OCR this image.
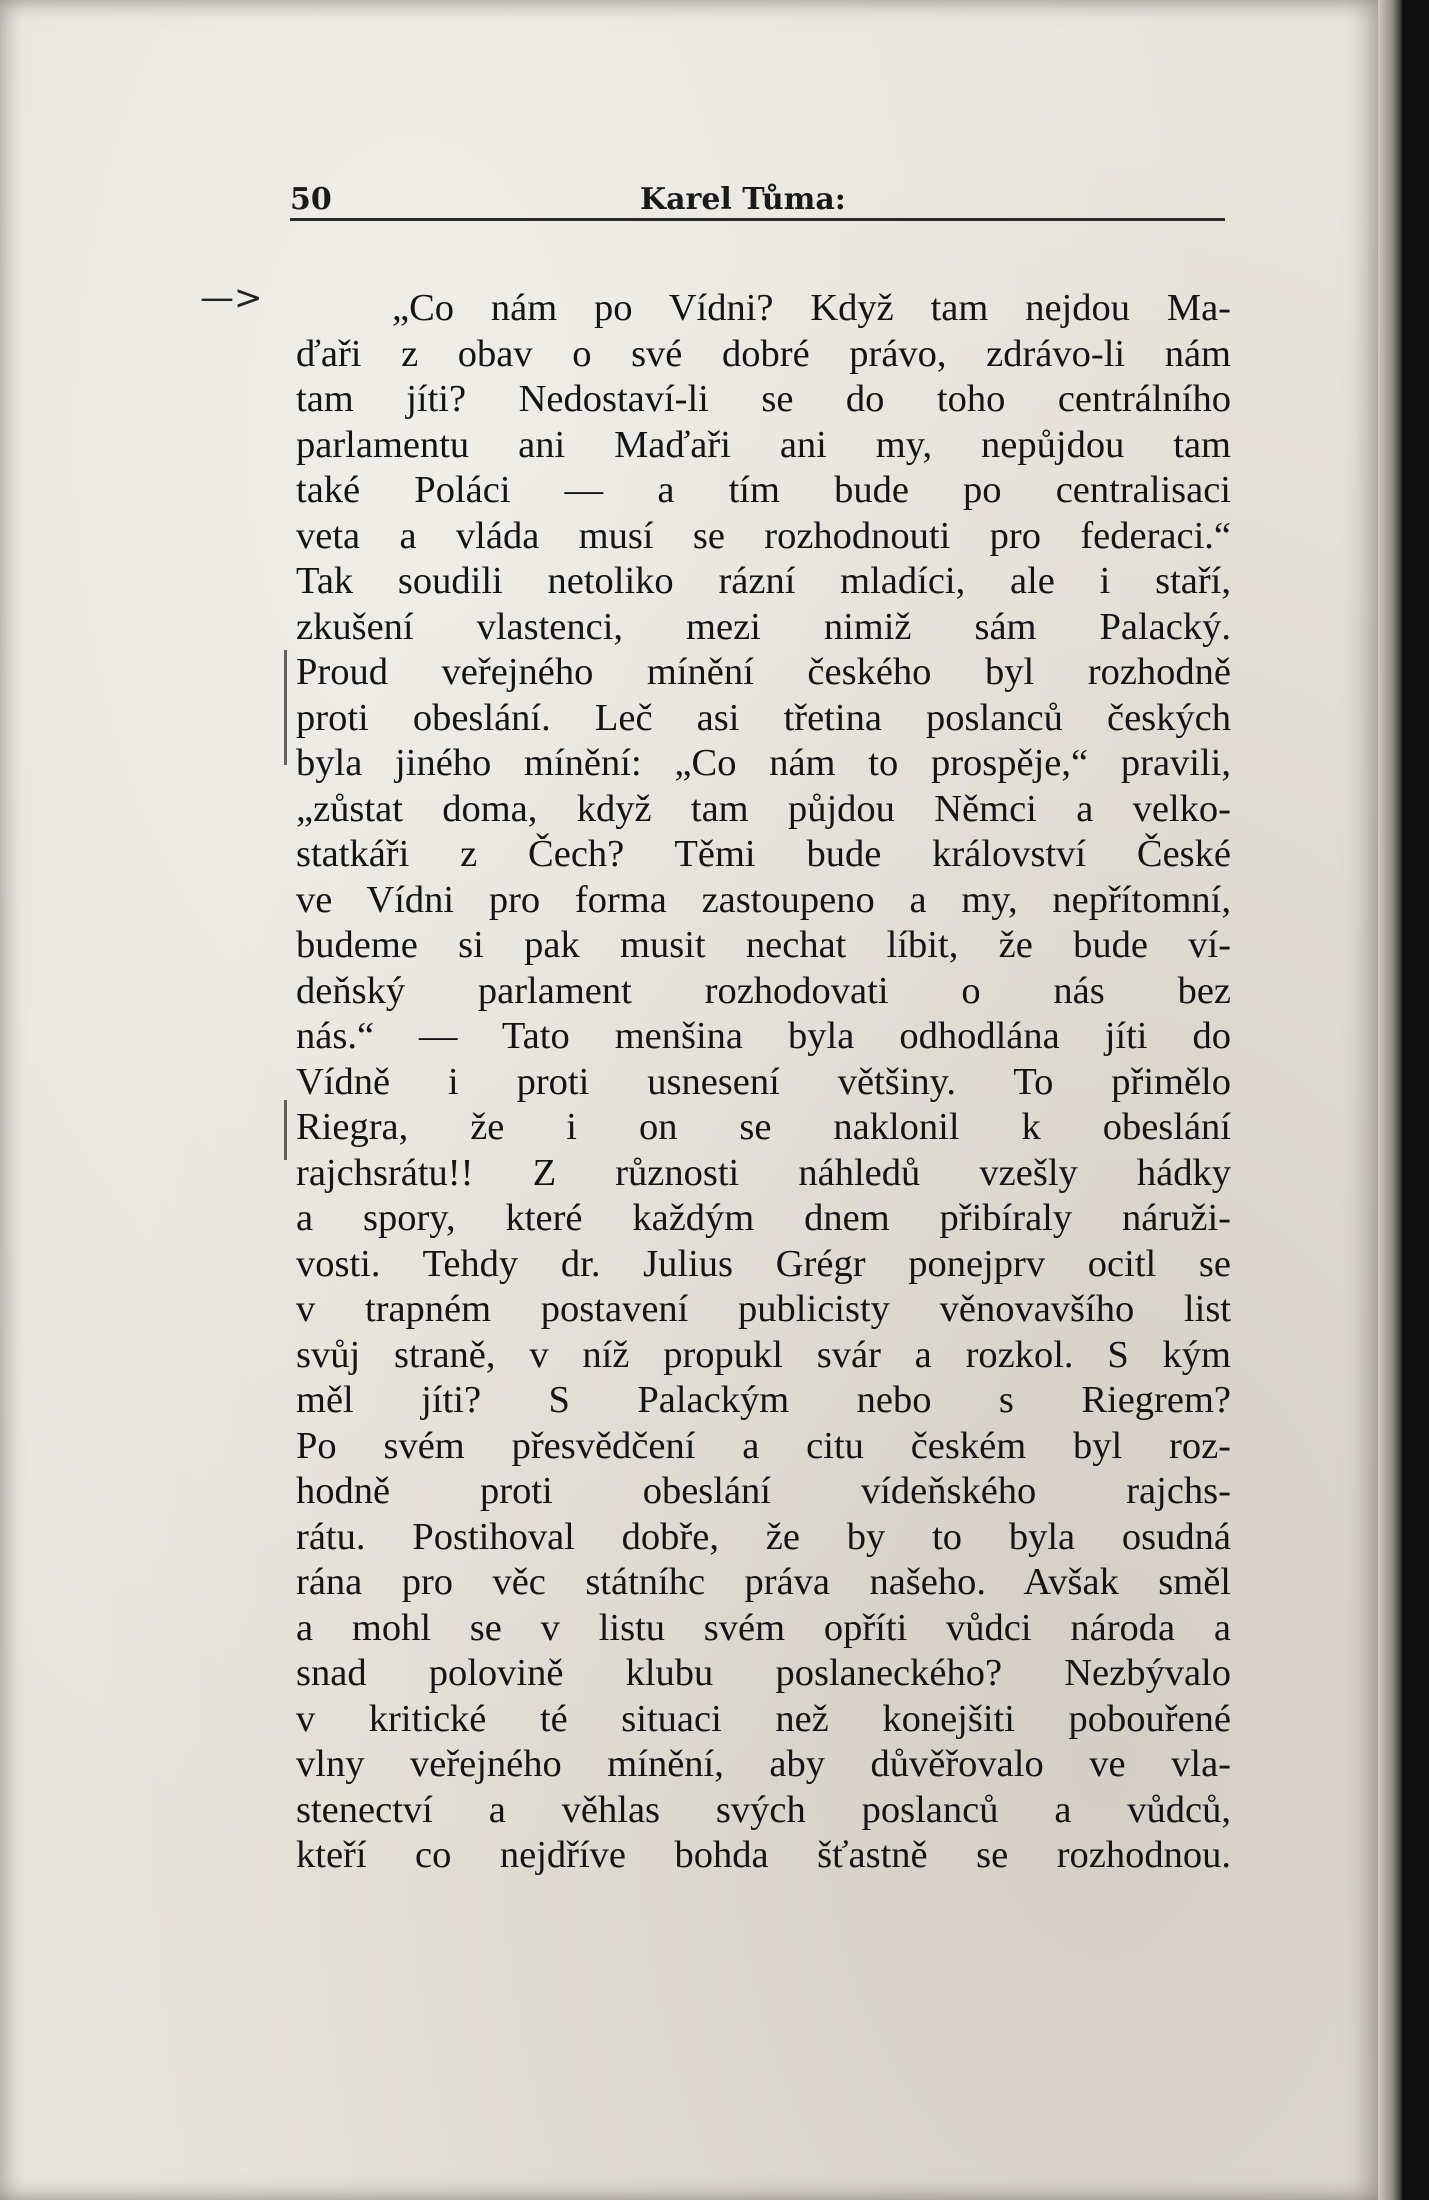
50	Karel Tůma:
—>	„Co nám po Vídni? Když tam nejdou Ma-
ďaři z obav o své dobré právo, zdrávo-li nám
tam jíti? Nedostaví-li se do toho centrálního
parlamentu ani Maďaři ani my, nepůjdou tam
také Poláci — a tím bude po centralisaci
veta a vláda musí se rozhodnouti pro federaci.“
Tak soudili netoliko rázní mladíci, ale i staří,
zkušení vlastenci, mezi nimiž sám Palacký.
Proud veřejného mínění českého byl rozhodně
proti obeslání. Leč asi třetina poslanců českých
byla jiného mínění: „Co nám to prospěje,“ pravili,
„zůstat doma, když tam půjdou Němci a velko-
statkáři z Čech? Těmi bude království České
ve Vídni pro forma zastoupeno a my, nepřítomní,
budeme si pak musit nechat líbit, že bude ví-
deňský parlament rozhodovati o nás bez
nás.“ — Tato menšina byla odhodlána jíti do
Vídně i proti usnesení většiny. To přimělo
Riegra, že i on se naklonil k obeslání
rajchsrátu!! Z různosti náhledů vzešly hádky
a spory, které každým dnem přibíraly náruži-
vosti. Tehdy dr. Julius Grégr ponejprv ocitl se
v trapném postavení publicisty věnovavšího list
svůj straně, v níž propukl svár a rozkol. S kým
měl jíti? S Palackým nebo s Riegrem?
Po svém přesvědčení a citu českém byl roz-
hodně proti obeslání vídeňského rajchs-
rátu. Postihoval dobře, že by to byla osudná
rána pro věc státníhc práva našeho. Avšak směl
a mohl se v listu svém opříti vůdci národa a
snad polovině klubu poslaneckého? Nezbývalo
v kritické té situaci než konejšiti pobouřené
vlny veřejného mínění, aby důvěřovalo ve vla-
stenectví a věhlas svých poslanců a vůdců,
kteří co nejdříve bohda šťastně se rozhodnou.
